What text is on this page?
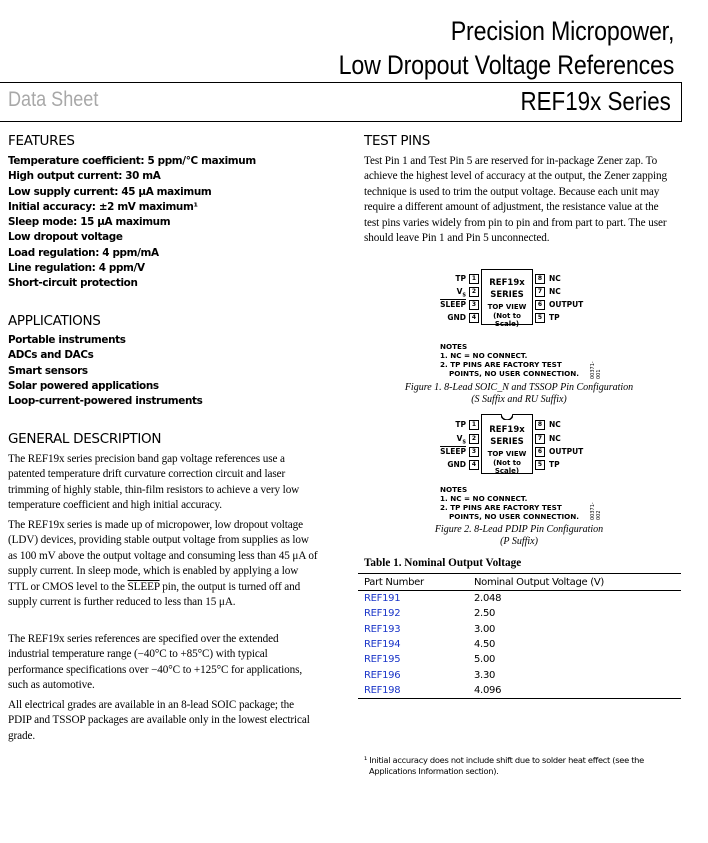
Precision Micropower,
Low Dropout Voltage References
Data Sheet	REF19x Series
FEATURES
Temperature coefficient: 5 ppm/°C maximum
High output current: 30 mA
Low supply current: 45 μA maximum
Initial accuracy: ±2 mV maximum¹
Sleep mode: 15 μA maximum
Low dropout voltage
Load regulation: 4 ppm/mA
Line regulation: 4 ppm/V
Short-circuit protection
APPLICATIONS
Portable instruments
ADCs and DACs
Smart sensors
Solar powered applications
Loop-current-powered instruments
GENERAL DESCRIPTION

The REF19x series precision band gap voltage references use a patented temperature drift curvature correction circuit and laser trimming of highly stable, thin-film resistors to achieve a very low temperature coefficient and high initial accuracy.

The REF19x series is made up of micropower, low dropout voltage (LDV) devices, providing stable output voltage from supplies as low as 100 mV above the output voltage and consuming less than 45 μA of supply current. In sleep mode, which is enabled by applying a low TTL or CMOS level to the SLEEP pin, the output is turned off and supply current is further reduced to less than 15 μA.

The REF19x series references are specified over the extended industrial temperature range (−40°C to +85°C) with typical performance specifications over −40°C to +125°C for applications, such as automotive.

All electrical grades are available in an 8-lead SOIC package; the PDIP and TSSOP packages are available only in the lowest electrical grade.

TEST PINS

Test Pin 1 and Test Pin 5 are reserved for in-package Zener zap. To achieve the highest level of accuracy at the output, the Zener zapping technique is used to trim the output voltage. Because each unit may require a different amount of adjustment, the resistance value at the test pins varies widely from pin to pin and from part to part. The user should leave Pin 1 and Pin 5 unconnected.

REF19x
SERIES
TOP VIEW
(Not to Scale)
TP 1
$V_S$
2
SLEEP 3
GND 4
8 NC
7 NC
6 OUTPUT
5 TP
NOTES
1. NC = NO CONNECT.
2. TP PINS ARE FACTORY TEST
POINTS, NO USER CONNECTION. 00371-001
Figure 1. 8-Lead SOIC_N and TSSOP Pin Configuration
(S Suffix and RU Suffix)
REF19x
SERIES
TOP VIEW
(Not to Scale)
TP 1
$V_S$
2
SLEEP 3
GND 4
8 NC
7 NC
6 OUTPUT
5 TP
NOTES
1. NC = NO CONNECT.
2. TP PINS ARE FACTORY TEST
POINTS, NO USER CONNECTION. 00371-002
Figure 2. 8-Lead PDIP Pin Configuration
(P Suffix)
Table 1. Nominal Output Voltage
Part Number	Nominal Output Voltage (V)
REF191	2.048
REF192	2.50
REF193	3.00
REF194	4.50
REF195	5.00
REF196	3.30
REF198	4.096
¹ Initial accuracy does not include shift due to solder heat effect (see the
Applications Information section).
